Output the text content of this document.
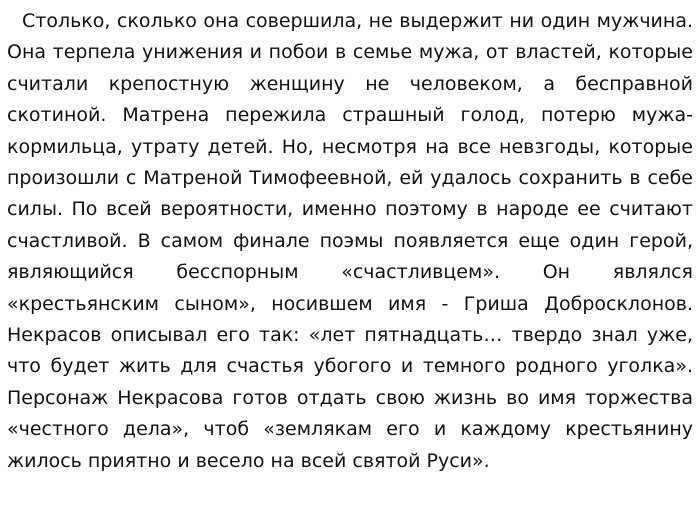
Столько, сколько она совершила, не выдержит ни один мужчина. Она терпела унижения и побои в семье мужа, от властей, которые считали крепостную женщину не человеком, а бесправной скотиной. Матрена пережила страшный голод, потерю мужа-кормильца, утрату детей. Но, несмотря на все невзгоды, которые произошли с Матреной Тимофеевной, ей удалось сохранить в себе силы. По всей вероятности, именно поэтому в народе ее считают счастливой. В самом финале поэмы появляется еще один герой, являющийся бесспорным «счастливцем». Он являлся «крестьянским сыном», носившем имя - Гриша Добросклонов. Некрасов описывал его так: «лет пятнадцать… твердо знал уже, что будет жить для счастья убогого и темного родного уголка». Персонаж Некрасова готов отдать свою жизнь во имя торжества «честного дела», чтоб «землякам его и каждому крестьянину жилось приятно и весело на всей святой Руси».
